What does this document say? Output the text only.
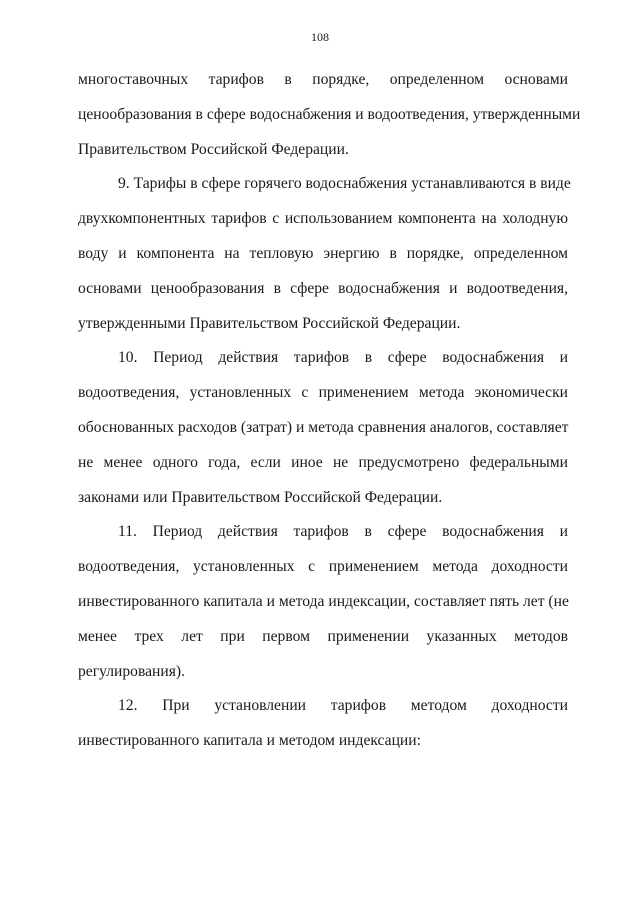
108
многоставочных тарифов в порядке, определенном основами
ценообразования в сфере водоснабжения и водоотведения, утвержденными
Правительством Российской Федерации.
9. Тарифы в сфере горячего водоснабжения устанавливаются в виде
двухкомпонентных тарифов с использованием компонента на холодную
воду и компонента на тепловую энергию в порядке, определенном
основами ценообразования в сфере водоснабжения и водоотведения,
утвержденными Правительством Российской Федерации.
10. Период действия тарифов в сфере водоснабжения и
водоотведения, установленных с применением метода экономически
обоснованных расходов (затрат) и метода сравнения аналогов, составляет
не менее одного года, если иное не предусмотрено федеральными
законами или Правительством Российской Федерации.
11. Период действия тарифов в сфере водоснабжения и
водоотведения, установленных с применением метода доходности
инвестированного капитала и метода индексации, составляет пять лет (не
менее трех лет при первом применении указанных методов
регулирования).
12. При установлении тарифов методом доходности
инвестированного капитала и методом индексации:
